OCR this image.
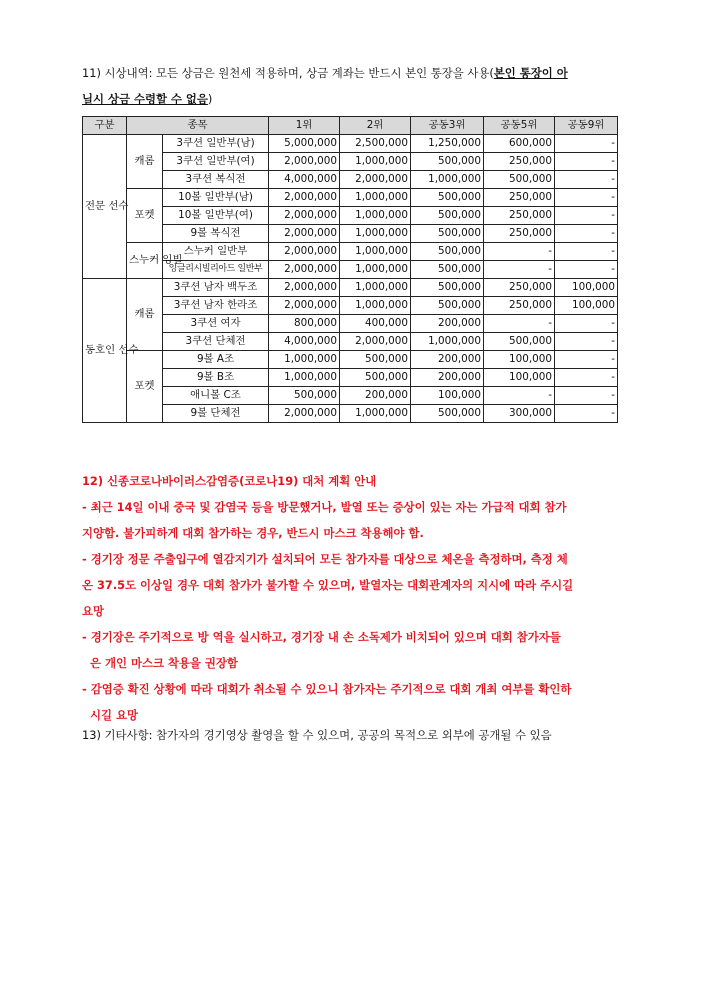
11) 시상내역: 모든 상금은 원천세 적용하며, 상금 계좌는 반드시 본인 통장을 사용(본인 통장이 아
닐시 상금 수령할 수 없음)
구분	종목		1위	2위	공동3위	공동5위	공동9위
전문 선수	캐롬	3쿠션 일반부(남)	5,000,000	2,500,000	1,250,000	600,000	-
		3쿠션 일반부(여)	2,000,000	1,000,000	500,000	250,000	-
		3쿠션 복식전	4,000,000	2,000,000	1,000,000	500,000	-
	포켓	10볼 일반부(남)	2,000,000	1,000,000	500,000	250,000	-
		10볼 일반부(여)	2,000,000	1,000,000	500,000	250,000	-
		9볼 복식전	2,000,000	1,000,000	500,000	250,000	-
	스누커 잉빌	스누커 일반부	2,000,000	1,000,000	500,000	-	-
		잉글리시빌리아드 일반부	2,000,000	1,000,000	500,000	-	-
동호인 선수	캐롬	3쿠션 남자 백두조	2,000,000	1,000,000	500,000	250,000	100,000
		3쿠션 남자 한라조	2,000,000	1,000,000	500,000	250,000	100,000
		3쿠션 여자	800,000	400,000	200,000	-	-
		3쿠션 단체전	4,000,000	2,000,000	1,000,000	500,000	-
	포켓	9볼 A조	1,000,000	500,000	200,000	100,000	-
		9볼 B조	1,000,000	500,000	200,000	100,000	-
		애니볼 C조	500,000	200,000	100,000	-	-
		9볼 단체전	2,000,000	1,000,000	500,000	300,000	-
12) 신종코로나바이러스감염증(코로나19) 대처 계획 안내
- 최근 14일 이내 중국 및 감염국 등을 방문했거나, 발열 또는 증상이 있는 자는 가급적 대회 참가
지양함. 불가피하게 대회 참가하는 경우, 반드시 마스크 착용해야 함.
- 경기장 정문 주출입구에 열감지기가 설치되어 모든 참가자를 대상으로 체온을 측정하며, 측정 체
온 37.5도 이상일 경우 대회 참가가 불가할 수 있으며, 발열자는 대회관계자의 지시에 따라 주시길
요망
- 경기장은 주기적으로 방 역을 실시하고, 경기장 내 손 소독제가 비치되어 있으며 대회 참가자들
은 개인 마스크 착용을 권장함
- 감염증 확진 상황에 따라 대회가 취소될 수 있으니 참가자는 주기적으로 대회 개최 여부를 확인하
시길 요망
13) 기타사항: 참가자의 경기영상 촬영을 할 수 있으며, 공공의 목적으로 외부에 공개될 수 있음
